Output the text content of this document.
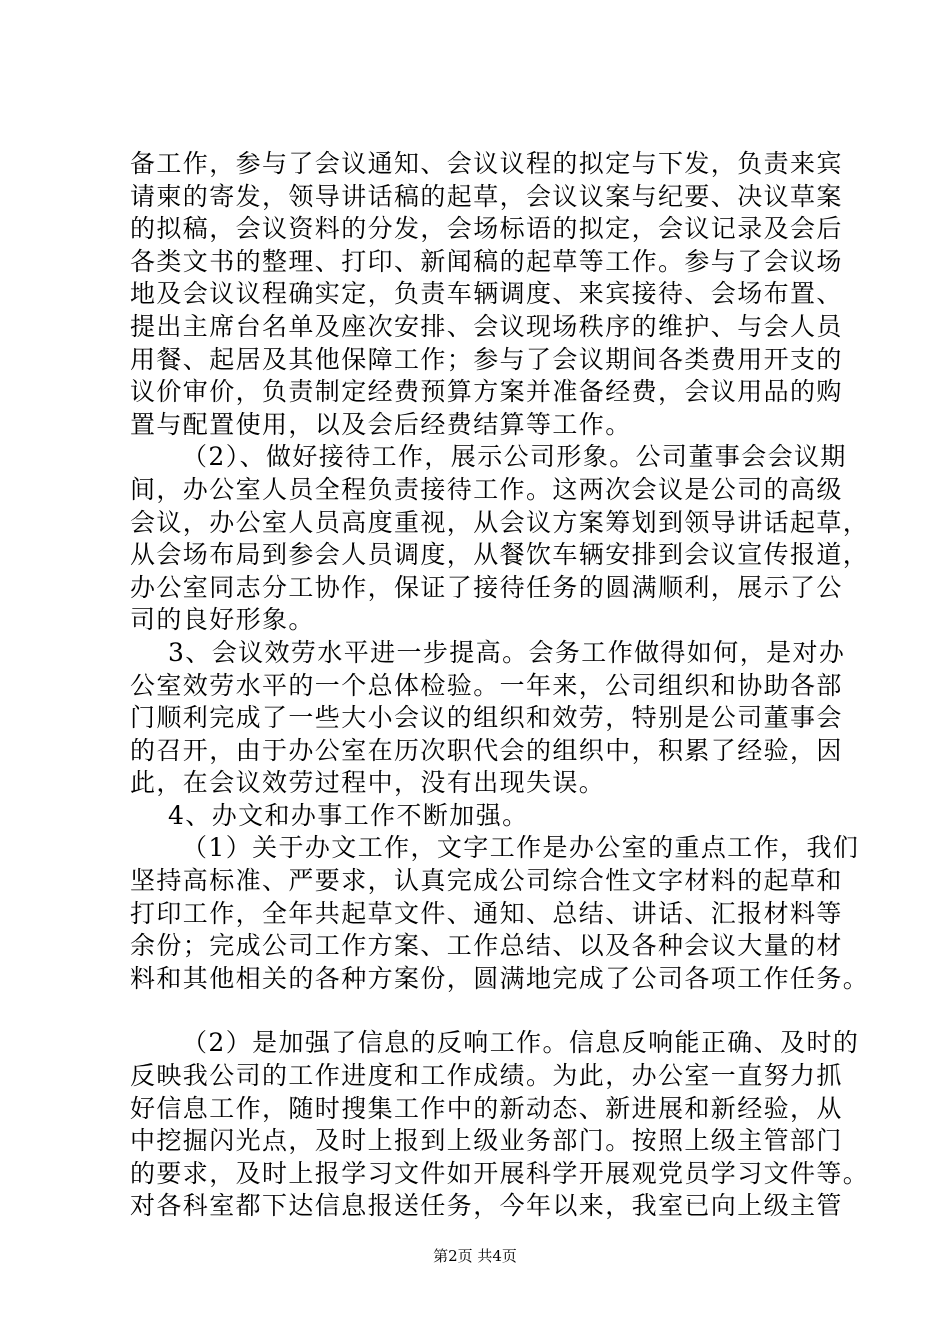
备工作，参与了会议通知、会议议程的拟定与下发，负责来宾
请柬的寄发，领导讲话稿的起草，会议议案与纪要、决议草案
的拟稿，会议资料的分发，会场标语的拟定，会议记录及会后
各类文书的整理、打印、新闻稿的起草等工作。参与了会议场
地及会议议程确实定，负责车辆调度、来宾接待、会场布置、
提出主席台名单及座次安排、会议现场秩序的维护、与会人员
用餐、起居及其他保障工作；参与了会议期间各类费用开支的
议价审价，负责制定经费预算方案并准备经费，会议用品的购
置与配置使用，以及会后经费结算等工作。
（2）、做好接待工作，展示公司形象。公司董事会会议期
间，办公室人员全程负责接待工作。这两次会议是公司的高级
会议，办公室人员高度重视，从会议方案筹划到领导讲话起草，
从会场布局到参会人员调度，从餐饮车辆安排到会议宣传报道，
办公室同志分工协作，保证了接待任务的圆满顺利，展示了公
司的良好形象。
3、会议效劳水平进一步提高。会务工作做得如何，是对办
公室效劳水平的一个总体检验。一年来，公司组织和协助各部
门顺利完成了一些大小会议的组织和效劳，特别是公司董事会
的召开，由于办公室在历次职代会的组织中，积累了经验，因
此，在会议效劳过程中，没有出现失误。
4、办文和办事工作不断加强。
（1）关于办文工作，文字工作是办公室的重点工作，我们
坚持高标准、严要求，认真完成公司综合性文字材料的起草和
打印工作，全年共起草文件、通知、总结、讲话、汇报材料等
余份；完成公司工作方案、工作总结、以及各种会议大量的材
料和其他相关的各种方案份，圆满地完成了公司各项工作任务。
（2）是加强了信息的反响工作。信息反响能正确、及时的
反映我公司的工作进度和工作成绩。为此，办公室一直努力抓
好信息工作，随时搜集工作中的新动态、新进展和新经验，从
中挖掘闪光点，及时上报到上级业务部门。按照上级主管部门
的要求，及时上报学习文件如开展科学开展观党员学习文件等。
对各科室都下达信息报送任务，今年以来，我室已向上级主管
第2页 共4页
